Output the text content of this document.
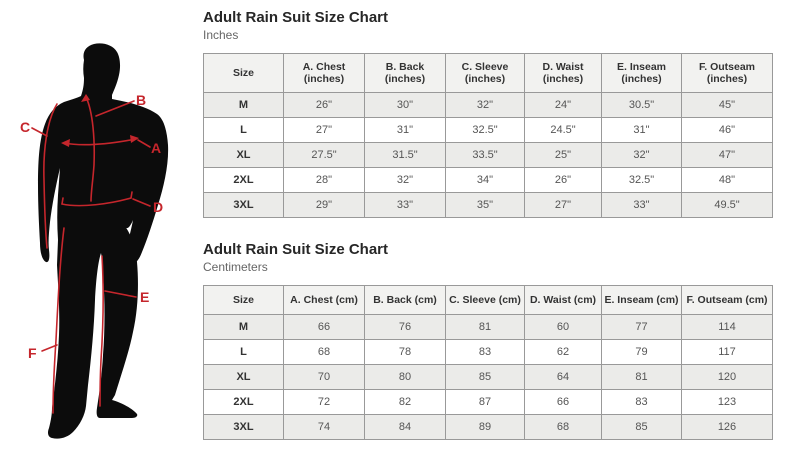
A
B
C
D
E
F
Adult Rain Suit Size Chart
Inches
Size	A. Chest (inches)	B. Back (inches)	C. Sleeve (inches)	D. Waist (inches)	E. Inseam (inches)	F. Outseam (inches)
M	26"	30"	32"	24"	30.5"	45"
L	27"	31"	32.5"	24.5"	31"	46"
XL	27.5"	31.5"	33.5"	25"	32"	47"
2XL	28"	32"	34"	26"	32.5"	48"
3XL	29"	33"	35"	27"	33"	49.5"
Adult Rain Suit Size Chart
Centimeters
Size	A. Chest (cm)	B. Back (cm)	C. Sleeve (cm)	D. Waist (cm)	E. Inseam (cm)	F. Outseam (cm)
M	66	76	81	60	77	114
L	68	78	83	62	79	117
XL	70	80	85	64	81	120
2XL	72	82	87	66	83	123
3XL	74	84	89	68	85	126
